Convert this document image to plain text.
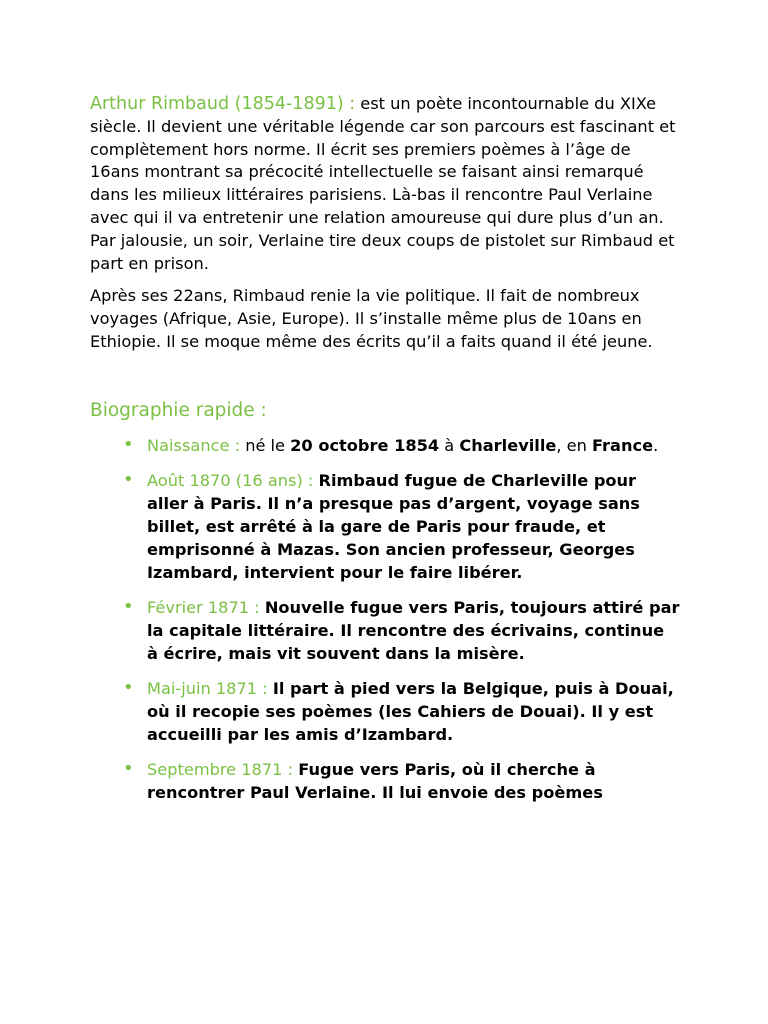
Arthur Rimbaud (1854-1891) : est un poète incontournable du XIXe siècle. Il devient une véritable légende car son parcours est fascinant et complètement hors norme. Il écrit ses premiers poèmes à l’âge de 16ans montrant sa précocité intellectuelle se faisant ainsi remarqué dans les milieux littéraires parisiens. Là-bas il rencontre Paul Verlaine avec qui il va entretenir une relation amoureuse qui dure plus d’un an. Par jalousie, un soir, Verlaine tire deux coups de pistolet sur Rimbaud et part en prison.

Après ses 22ans, Rimbaud renie la vie politique. Il fait de nombreux voyages (Afrique, Asie, Europe). Il s’installe même plus de 10ans en Ethiopie. Il se moque même des écrits qu’il a faits quand il été jeune.

Biographie rapide :
• Naissance : né le 20 octobre 1854 à Charleville, en France.
• Août 1870 (16 ans) : Rimbaud fugue de Charleville pour aller à Paris. Il n’a presque pas d’argent, voyage sans billet, est arrêté à la gare de Paris pour fraude, et emprisonné à Mazas. Son ancien professeur, Georges Izambard, intervient pour le faire libérer.
• Février 1871 : Nouvelle fugue vers Paris, toujours attiré par la capitale littéraire. Il rencontre des écrivains, continue à écrire, mais vit souvent dans la misère.
• Mai-juin 1871 : Il part à pied vers la Belgique, puis à Douai, où il recopie ses poèmes (les Cahiers de Douai). Il y est accueilli par les amis d’Izambard.
• Septembre 1871 : Fugue vers Paris, où il cherche à rencontrer Paul Verlaine. Il lui envoie des poèmes
